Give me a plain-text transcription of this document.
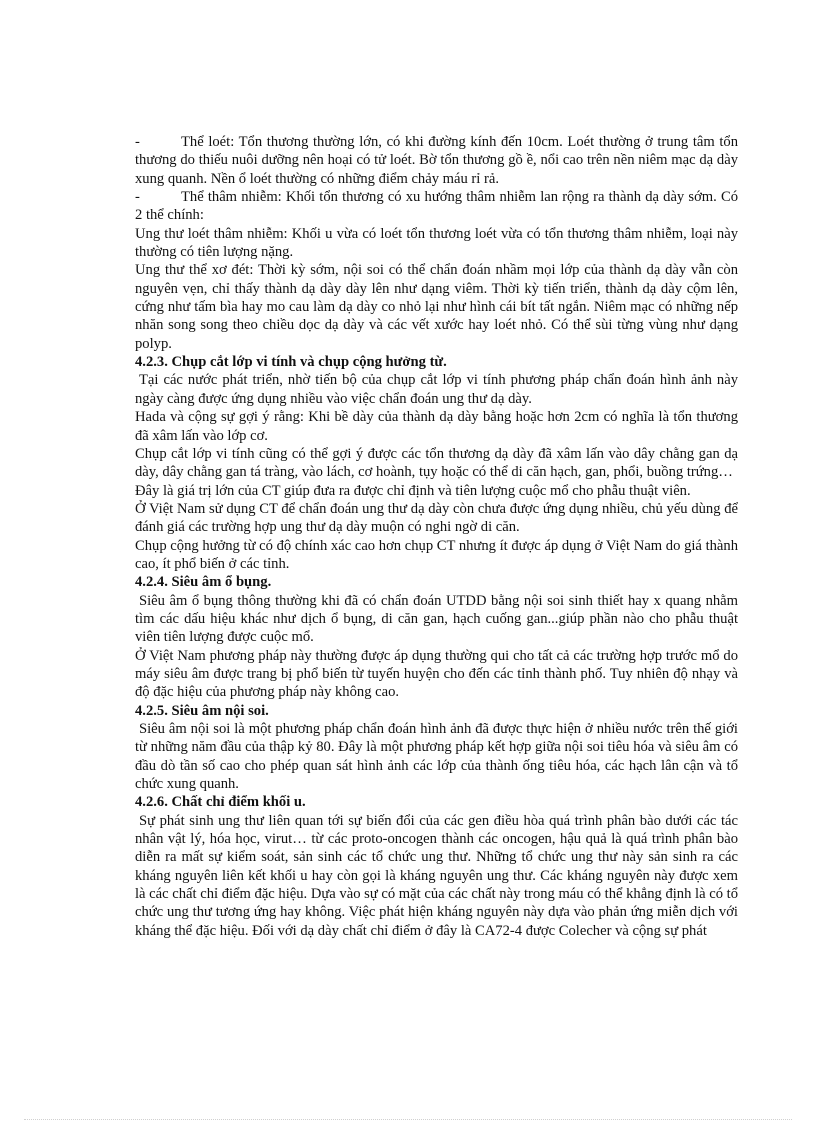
-	Thể loét: Tổn thương thường lớn, có khi đường kính đến 10cm. Loét thường ở trung tâm tổn thương do thiếu nuôi dưỡng nên hoại có tử loét. Bờ tổn thương gồ ề, nổi cao trên nền niêm mạc dạ dày xung quanh. Nền ổ loét thường có những điểm chảy máu rỉ rả.

-	Thể thâm nhiễm: Khối tổn thương có xu hướng thâm nhiễm lan rộng ra thành dạ dày sớm. Có 2 thể chính:

Ung thư loét thâm nhiễm: Khối u vừa có loét tổn thương loét vừa có tổn thương thâm nhiễm, loại này thường có tiên lượng nặng.

Ung thư thể xơ đét: Thời kỳ sớm, nội soi có thể chẩn đoán nhầm mọi lớp của thành dạ dày vẫn còn nguyên vẹn, chỉ thấy thành dạ dày dày lên như dạng viêm. Thời kỳ tiến triển, thành dạ dày cộm lên, cứng như tấm bìa hay mo cau làm dạ dày co nhỏ lại như hình cái bít tất ngắn. Niêm mạc có những nếp nhăn song song theo chiều dọc dạ dày và các vết xước hay loét nhỏ. Có thể sùi từng vùng như dạng polyp.

4.2.3. Chụp cắt lớp vi tính và chụp cộng hưởng từ.

Tại các nước phát triển, nhờ tiến bộ của chụp cắt lớp vi tính phương pháp chẩn đoán hình ảnh này ngày càng được ứng dụng nhiều vào việc chẩn đoán ung thư dạ dày.

Hada và cộng sự gợi ý rằng: Khi bề dày của thành dạ dày bằng hoặc hơn 2cm có nghĩa là tổn thương đã xâm lấn vào lớp cơ.

Chụp cắt lớp vi tính cũng có thể gợi ý được các tổn thương dạ dày đã xâm lấn vào dây chằng gan dạ dày, dây chằng gan tá tràng, vào lách, cơ hoành, tụy hoặc có thể di căn hạch, gan, phổi, buồng trứng…

Đây là giá trị lớn của CT giúp đưa ra được chỉ định và tiên lượng cuộc mổ cho phẫu thuật viên.

Ở Việt Nam sử dụng CT để chẩn đoán ung thư dạ dày còn chưa được ứng dụng nhiều, chủ yếu dùng để đánh giá các trường hợp ung thư dạ dày muộn có nghi ngờ di căn.

Chụp cộng hưởng từ có độ chính xác cao hơn chụp CT nhưng ít được áp dụng ở Việt Nam do giá thành cao, ít phổ biến ở các tỉnh.

4.2.4. Siêu âm ổ bụng.

Siêu âm ổ bụng thông thường khi đã có chẩn đoán UTDD bằng nội soi sinh thiết hay x quang nhằm tìm các dấu hiệu khác như dịch ổ bụng, di căn gan, hạch cuống gan...giúp phần nào cho phẫu thuật viên tiên lượng được cuộc mổ.

Ở Việt Nam phương pháp này thường được áp dụng thường qui cho tất cả các trường hợp trước mổ do máy siêu âm được trang bị phổ biến từ tuyến huyện cho đến các tỉnh thành phố. Tuy nhiên độ nhạy và độ đặc hiệu của phương pháp này không cao.

4.2.5. Siêu âm nội soi.

Siêu âm nội soi là một phương pháp chẩn đoán hình ảnh đã được thực hiện ở nhiều nước trên thế giới từ những năm đầu của thập kỷ 80. Đây là một phương pháp kết hợp giữa nội soi tiêu hóa và siêu âm có đầu dò tần số cao cho phép quan sát hình ảnh các lớp của thành ống tiêu hóa, các hạch lân cận và tổ chức xung quanh.

4.2.6. Chất chỉ điểm khối u.

Sự phát sinh ung thư liên quan tới sự biến đổi của các gen điều hòa quá trình phân bào dưới các tác nhân vật lý, hóa học, virut… từ các proto-oncogen thành các oncogen, hậu quả là quá trình phân bào diễn ra mất sự kiểm soát, sản sinh các tổ chức ung thư. Những tổ chức ung thư này sản sinh ra các kháng nguyên liên kết khối u hay còn gọi là kháng nguyên ung thư. Các kháng nguyên này được xem là các chất chỉ điểm đặc hiệu. Dựa vào sự có mặt của các chất này trong máu có thể khẳng định là có tổ chức ung thư tương ứng hay không. Việc phát hiện kháng nguyên này dựa vào phản ứng miễn dịch với kháng thể đặc hiệu. Đối với dạ dày chất chỉ điểm ở đây là CA72-4 được Colecher và cộng sự phát
